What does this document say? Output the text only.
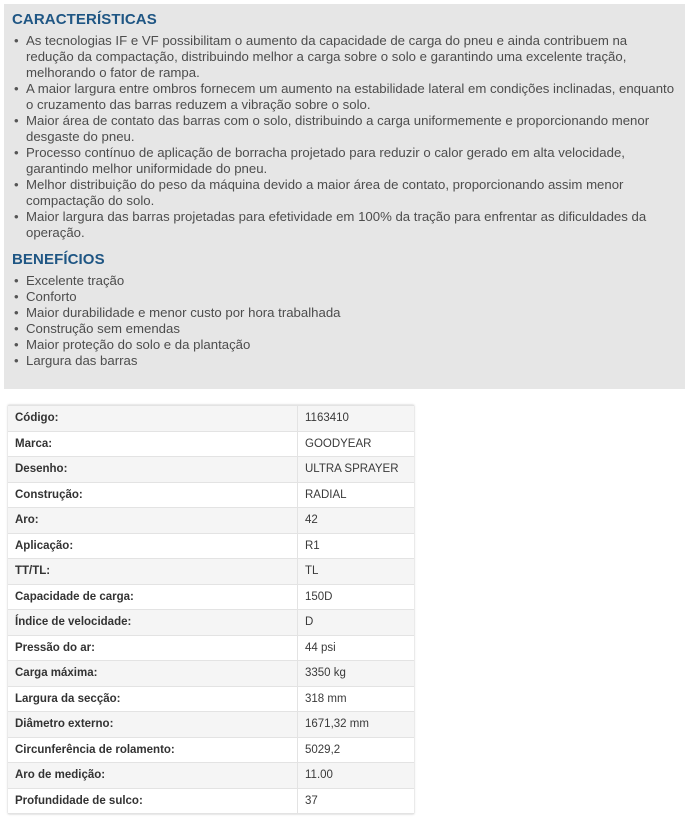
CARACTERÍSTICAS
• As tecnologias IF e VF possibilitam o aumento da capacidade de carga do pneu e ainda contribuem na redução da compactação, distribuindo melhor a carga sobre o solo e garantindo uma excelente tração, melhorando o fator de rampa.
• A maior largura entre ombros fornecem um aumento na estabilidade lateral em condições inclinadas, enquanto o cruzamento das barras reduzem a vibração sobre o solo.
• Maior área de contato das barras com o solo, distribuindo a carga uniformemente e proporcionando menor desgaste do pneu.
• Processo contínuo de aplicação de borracha projetado para reduzir o calor gerado em alta velocidade, garantindo melhor uniformidade do pneu.
• Melhor distribuição do peso da máquina devido a maior área de contato, proporcionando assim menor compactação do solo.
• Maior largura das barras projetadas para efetividade em 100% da tração para enfrentar as dificuldades da operação.
BENEFÍCIOS
• Excelente tração
• Conforto
• Maior durabilidade e menor custo por hora trabalhada
• Construção sem emendas
• Maior proteção do solo e da plantação
• Largura das barras
Código:	1163410
Marca:	GOODYEAR
Desenho:	ULTRA SPRAYER
Construção:	RADIAL
Aro:	42
Aplicação:	R1
TT/TL:	TL
Capacidade de carga:	150D
Índice de velocidade:	D
Pressão do ar:	44 psi
Carga máxima:	3350 kg
Largura da secção:	318 mm
Diâmetro externo:	1671,32 mm
Circunferência de rolamento:	5029,2
Aro de medição:	11.00
Profundidade de sulco:	37
